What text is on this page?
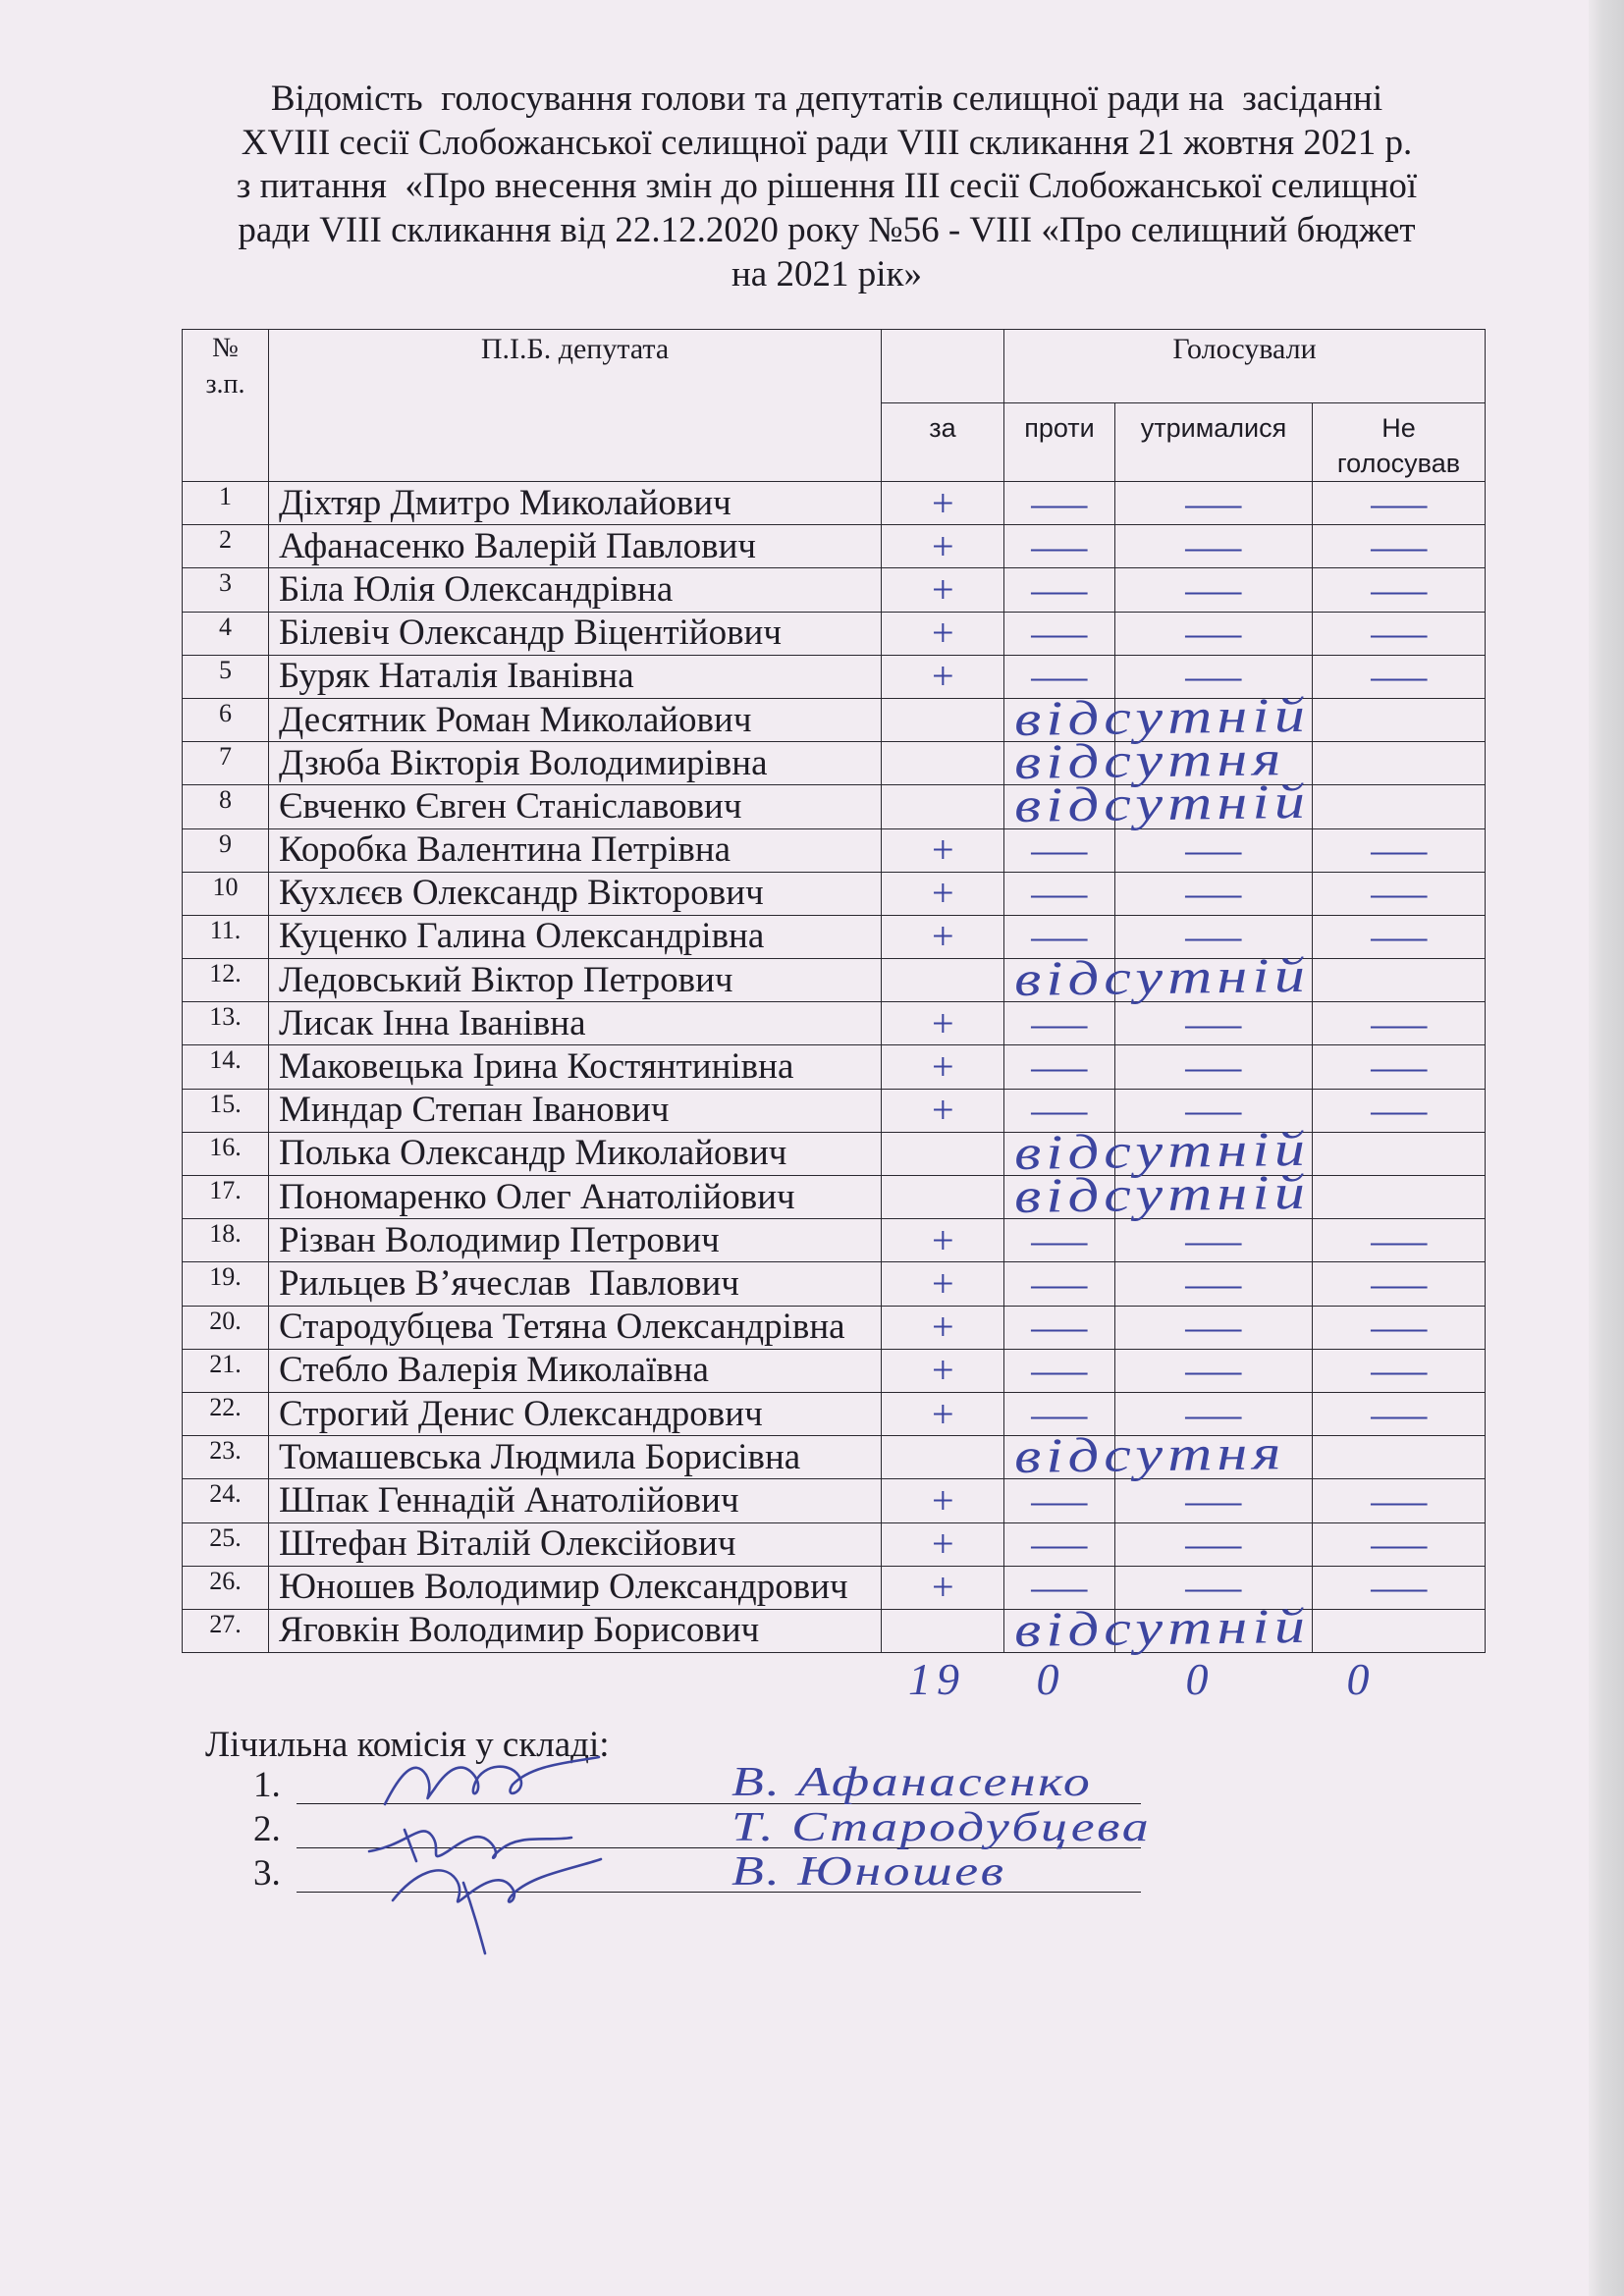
Відомість  голосування голови та депутатів селищної ради на  засіданні
XVIII сесії Слобожанської селищної ради VIII скликання 21 жовтня 2021 р.
з питання  «Про внесення змін до рішення ІІІ сесії Слобожанської селищної
ради VIII скликання від 22.12.2020 року №56 - VIII «Про селищний бюджет
на 2021 рік»
№
з.п.	П.І.Б. депутата		Голосували		
		за	проти	утрималися	Не
голосував
1	Діхтяр Дмитро Миколайович	+	—	—	—
2	Афанасенко Валерій Павлович	+	—	—	—
3	Біла Юлія Олександрівна	+	—	—	—
4	Білевіч Олександр Віцентійович	+	—	—	—
5	Буряк Наталія Іванівна	+	—	—	—
6	Десятник Роман Миколайович		відсутній		

7	Дзюба Вікторія Володимирівна		відсутня		

8	Євченко Євген Станіславович		відсутній		

9	Коробка Валентина Петрівна	+	—	—	—
10	Кухлєєв Олександр Вікторович	+	—	—	—
11.	Куценко Галина Олександрівна	+	—	—	—
12.	Ледовський Віктор Петрович		відсутній		

13.	Лисак Інна Іванівна	+	—	—	—
14.	Маковецька Ірина Костянтинівна	+	—	—	—
15.	Миндар Степан Іванович	+	—	—	—
16.	Полька Олександр Миколайович		відсутній		

17.	Пономаренко Олег Анатолійович		відсутній		

18.	Різван Володимир Петрович	+	—	—	—
19.	Рильцев В’ячеслав  Павлович	+	—	—	—
20.	Стародубцева Тетяна Олександрівна	+	—	—	—
21.	Стебло Валерія Миколаївна	+	—	—	—
22.	Строгий Денис Олександрович	+	—	—	—
23.	Томашевська Людмила Борисівна		відсутня		

24.	Шпак Геннадій Анатолійович	+	—	—	—
25.	Штефан Віталій Олексійович	+	—	—	—
26.	Юношев Володимир Олександрович	+	—	—	—
27.	Яговкін Володимир Борисович		відсутній		

19	0	0	0
Лічильна комісія у складі:
1.	В. Афанасенко
2.	Т. Стародубцева
3.	В. Юношев
